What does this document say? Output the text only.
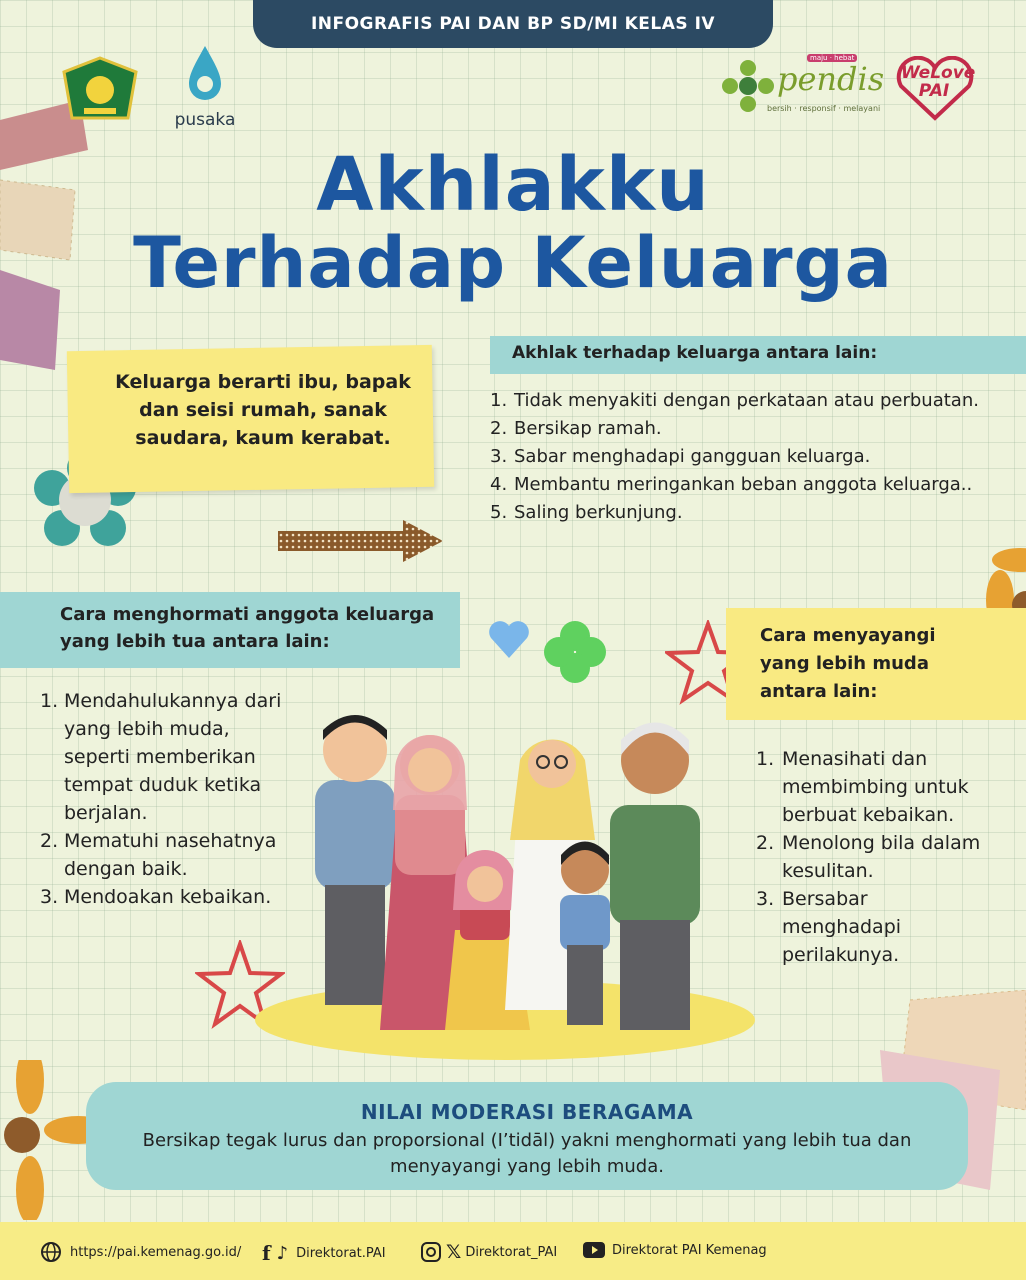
INFOGRAFIS PAI DAN BP SD/MI KELAS IV
pusaka
maju · hebat
pendis
bersih · responsif · melayani
WeLove
PAI
Akhlakku
Terhadap Keluarga
Keluarga berarti ibu, bapak dan seisi rumah, sanak saudara, kaum kerabat.
Akhlak terhadap keluarga antara lain:
1. Tidak menyakiti dengan perkataan atau perbuatan.
2. Bersikap ramah.
3. Sabar menghadapi gangguan keluarga.
4. Membantu meringankan beban anggota keluarga..
5. Saling berkunjung.
Cara menghormati anggota keluarga yang lebih tua antara lain:
1. Mendahulukannya dari yang lebih muda, seperti memberikan tempat duduk ketika berjalan.
2. Mematuhi nasehatnya dengan baik.
3. Mendoakan kebaikan.
Cara menyayangi yang lebih muda antara lain:
1. Menasihati dan membimbing untuk berbuat kebaikan.
2. Menolong bila dalam kesulitan.
3. Bersabar menghadapi perilakunya.
NILAI MODERASI BERAGAMA
Bersikap tegak lurus dan proporsional (I’tidāl) yakni menghormati yang lebih tua dan menyayangi yang lebih muda.
https://pai.kemenag.go.id/ f ♪ Direktorat.PAI	𝕏 Direktorat_PAI	Direktorat PAI Kemenag
